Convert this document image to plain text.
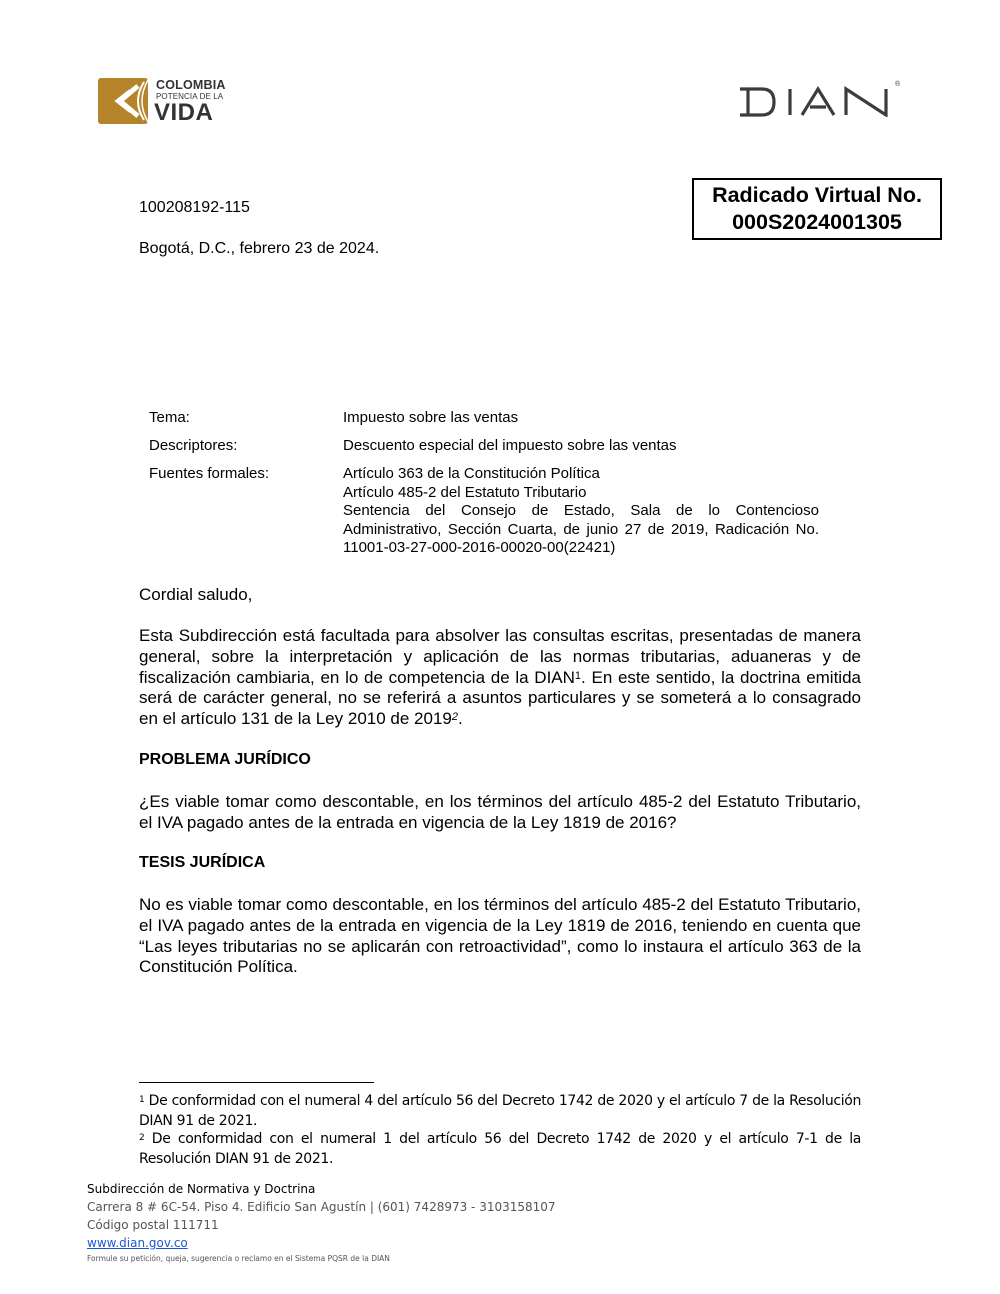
COLOMBIA
POTENCIA DE LA
VIDA
®
Radicado Virtual No.
000S2024001305
100208192-115
Bogotá, D.C., febrero 23 de 2024.
Tema:	Impuesto sobre las ventas
Descriptores:	Descuento especial del impuesto sobre las ventas
Fuentes formales:	Artículo 363 de la Constitución Política
Artículo 485-2 del Estatuto Tributario
Sentencia del Consejo de Estado, Sala de lo Contencioso Administrativo, Sección Cuarta, de junio 27 de 2019, Radicación No. 11001-03-27-000-2016-00020-00(22421)
Cordial saludo,
Esta Subdirección está facultada para absolver las consultas escritas, presentadas de manera general, sobre la interpretación y aplicación de las normas tributarias, aduaneras y de fiscalización cambiaria, en lo de competencia de la DIAN$^1$. En este sentido, la doctrina emitida será de carácter general, no se referirá a asuntos particulares y se someterá a lo consagrado en el artículo 131 de la Ley 2010 de 2019$^2$.
PROBLEMA JURÍDICO
¿Es viable tomar como descontable, en los términos del artículo 485-2 del Estatuto Tributario, el IVA pagado antes de la entrada en vigencia de la Ley 1819 de 2016?
TESIS JURÍDICA
No es viable tomar como descontable, en los términos del artículo 485-2 del Estatuto Tributario, el IVA pagado antes de la entrada en vigencia de la Ley 1819 de 2016, teniendo en cuenta que “Las leyes tributarias no se aplicarán con retroactividad”, como lo instaura el artículo 363 de la Constitución Política.
$^1$ De conformidad con el numeral 4 del artículo 56 del Decreto 1742 de 2020 y el artículo 7 de la Resolución DIAN 91 de 2021.
$^2$ De conformidad con el numeral 1 del artículo 56 del Decreto 1742 de 2020 y el artículo 7-1 de la Resolución DIAN 91 de 2021.
Subdirección de Normativa y Doctrina
Carrera 8 # 6C-54. Piso 4. Edificio San Agustín | (601) 7428973 - 3103158107
Código postal 111711
www.dian.gov.co
Formule su petición, queja, sugerencia o reclamo en el Sistema PQSR de la DIAN
